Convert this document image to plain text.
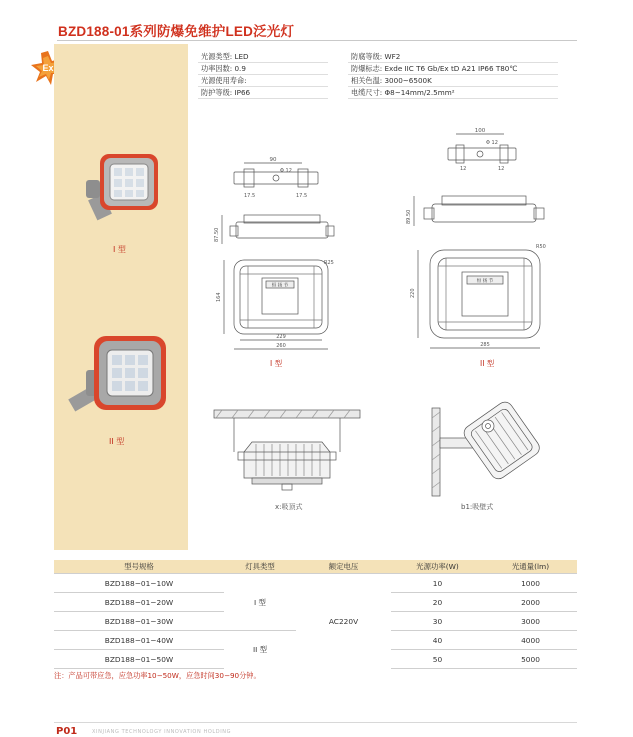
BZD188-01系列防爆免维护LED泛光灯
Ex
I 型
II 型
光源类型: LED
功率因数: 0.9
光源使用寿命:
防护等级: IP66
防腐等级: WF2
防爆标志: Exde IIC T6 Gb/Ex tD A21 IP66 T80℃
相关色温: 3000~6500K
电缆尺寸: Φ8~14mm/2.5mm²
90
Φ 12
17.5	17.5
87.50
恒 扬 节
R25
164
229
260
I 型
100
Φ 12
12	12
89.50
恒 扬 节
R50
220
285
II 型
x:吸顶式	b1:吸壁式
型号规格	灯具类型	额定电压	光源功率(W)	光通量(lm)
BZD188−01−10W	I 型	AC220V	10	1000
BZD188−01−20W			20	2000
BZD188−01−30W			30	3000
BZD188−01−40W	II 型		40	4000
BZD188−01−50W			50	5000
注：产品可带应急，应急功率10−50W，应急时间30−90分钟。
P01	XINJIANG TECHNOLOGY INNOVATION HOLDING
